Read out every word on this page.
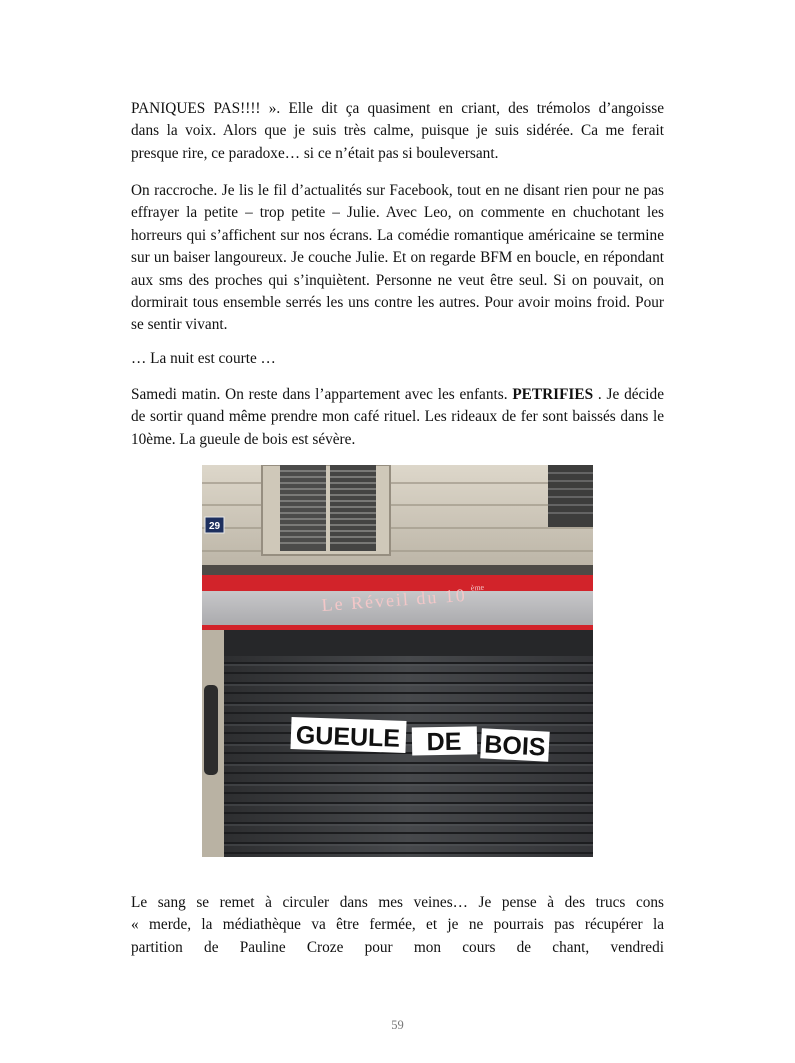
PANIQUES PAS!!!! ». Elle dit ça quasiment en criant, des trémolos d’angoisse

dans la voix. Alors que je suis très calme, puisque je suis sidérée. Ca me ferait

presque rire, ce paradoxe… si ce n’était pas si bouleversant.

On raccroche. Je lis le fil d’actualités sur Facebook, tout en ne disant rien pour ne pas effrayer la petite – trop petite – Julie. Avec Leo, on commente en chuchotant les horreurs qui s’affichent sur nos écrans. La comédie romantique américaine se termine sur un baiser langoureux. Je couche Julie. Et on regarde BFM en boucle, en répondant aux sms des proches qui s’inquiètent. Personne ne veut être seul. Si on pouvait, on dormirait tous ensemble serrés les uns contre les autres. Pour avoir moins froid. Pour se sentir vivant.

… La nuit est courte …

Samedi matin. On reste dans l’appartement avec les enfants. PETRIFIES . Je décide de sortir quand même prendre mon café rituel. Les rideaux de fer sont baissés dans le 10ème. La gueule de bois est sévère.

29
Le Réveil du 10 ème
GUEULE DE BOIS

Le sang se remet à circuler dans mes veines… Je pense à des trucs cons

« merde, la médiathèque va être fermée, et je ne pourrais pas récupérer la

partition de Pauline Croze pour mon cours de chant, vendredi

59
